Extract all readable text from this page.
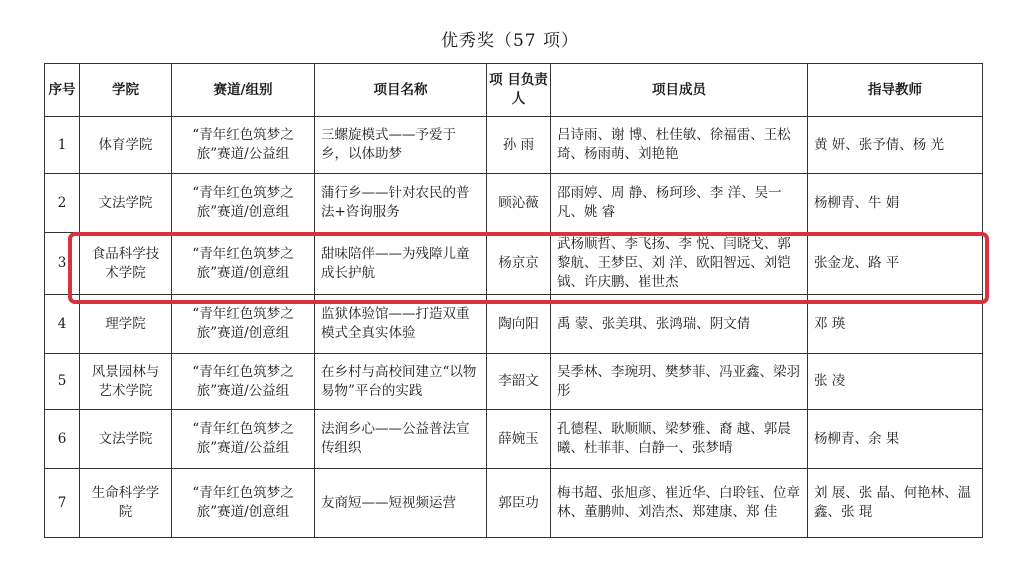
优秀奖（57 项）
序号	学院	赛道/组别	项目名称	项 目负责人	项目成员	指导教师
1	体育学院	“青年红色筑梦之旅”赛道/公益组	三螺旋模式——予爱于乡，以体助梦	孙 雨	吕诗雨、谢 博、杜佳敏、徐福雷、王松琦、杨雨萌、刘艳艳	黄 妍、张予倩、杨 光
2	文法学院	“青年红色筑梦之旅”赛道/创意组	蒲行乡——针对农民的普法+咨询服务	顾沁薇	邵雨婷、周 静、杨珂珍、李 洋、吴一凡、姚 睿	杨柳青、牛 娟
3	食品科学技术学院	“青年红色筑梦之旅”赛道/创意组	甜味陪伴——为残障儿童成长护航	杨京京	武杨顺哲、李飞扬、李 悦、闫晓戈、郭黎航、王梦臣、刘 洋、欧阳智远、刘铠钺、许庆鹏、崔世杰	张金龙、路 平
4	理学院	“青年红色筑梦之旅”赛道/创意组	监狱体验馆——打造双重模式全真实体验	陶向阳	禹 蒙、张美琪、张鸿瑞、阴文倩	邓 瑛
5	风景园林与艺术学院	“青年红色筑梦之旅”赛道/公益组	在乡村与高校间建立“以物易物”平台的实践	李韶文	吴季林、李琬玥、樊梦菲、冯亚鑫、梁羽彤	张 凌
6	文法学院	“青年红色筑梦之旅”赛道/公益组	法润乡心——公益普法宣传组织	薛婉玉	孔德程、耿顺顺、梁梦雅、裔 越、郭晨曦、杜菲菲、白静一、张梦晴	杨柳青、余 果
7	生命科学学院	“青年红色筑梦之旅”赛道/创意组	友商短——短视频运营	郭臣功	梅书超、张旭彦、崔近华、白聆钰、位章林、董鹏帅、刘浩杰、郑建康、郑 佳	刘 展、张 晶、何艳林、温 鑫、张 琨
